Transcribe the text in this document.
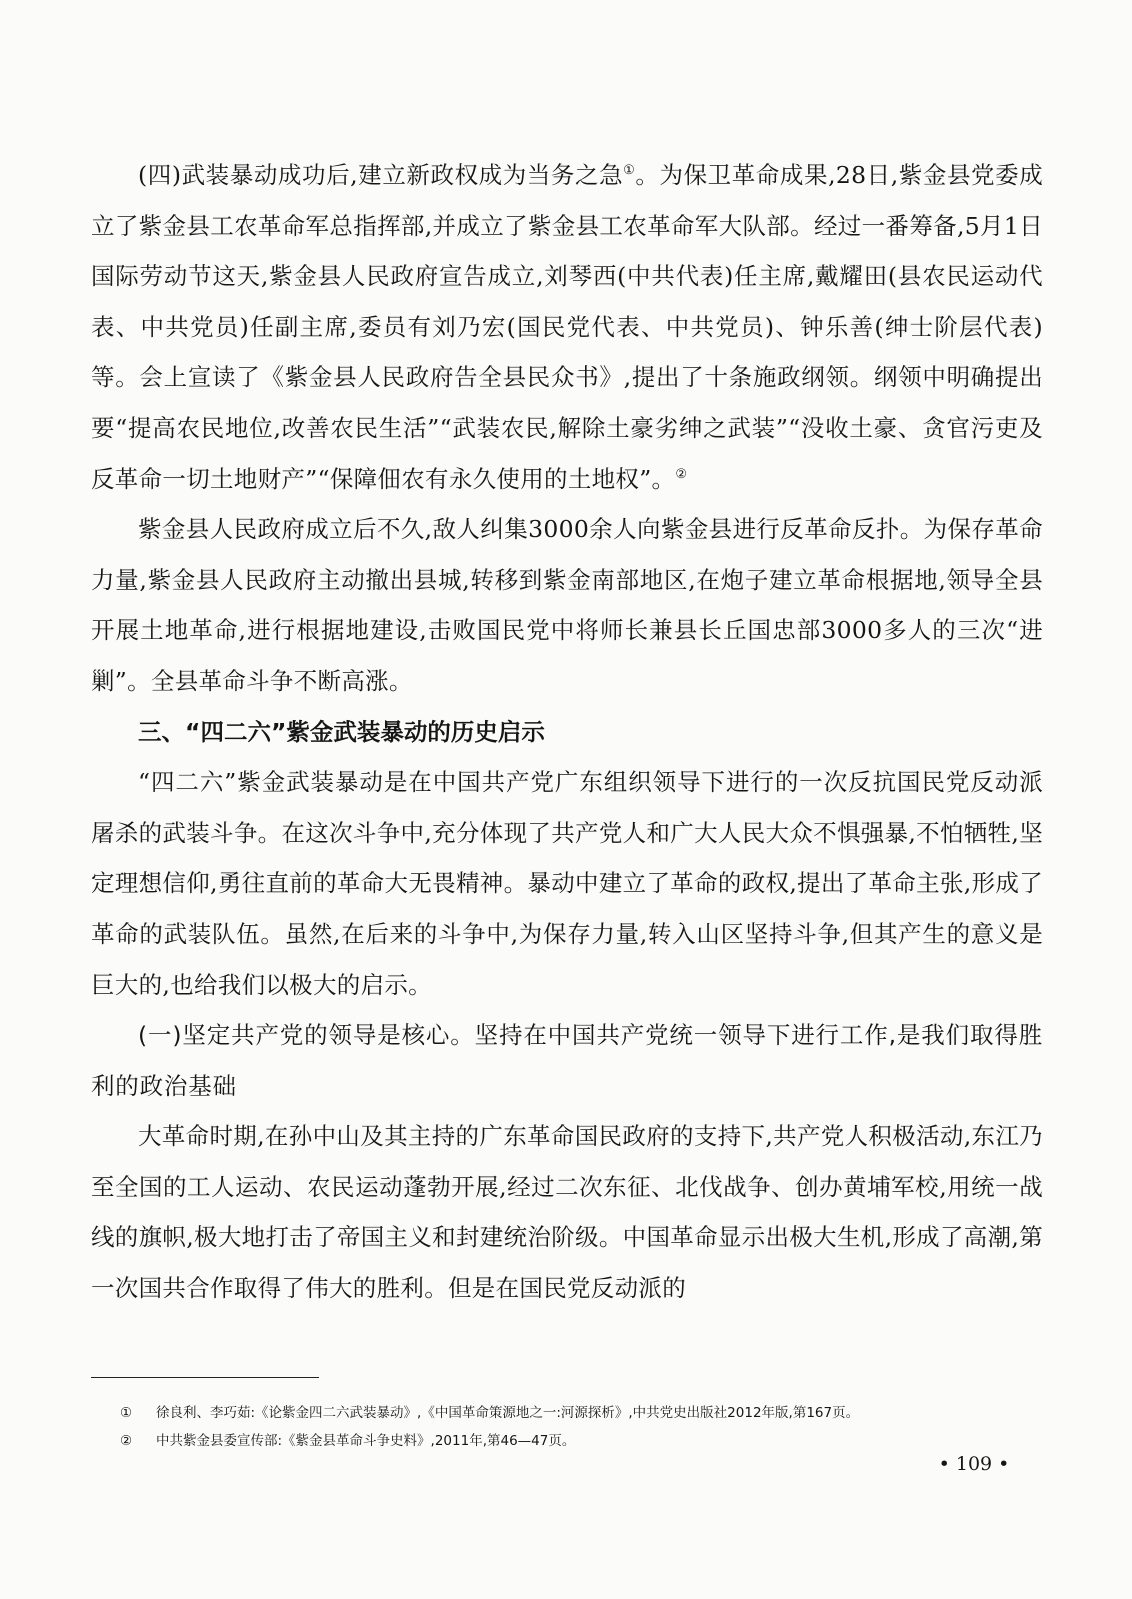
(四)武装暴动成功后,建立新政权成为当务之急①。为保卫革命成果,28日,紫金县党委成立了紫金县工农革命军总指挥部,并成立了紫金县工农革命军大队部。经过一番筹备,5月1日国际劳动节这天,紫金县人民政府宣告成立,刘琴西(中共代表)任主席,戴耀田(县农民运动代表、中共党员)任副主席,委员有刘乃宏(国民党代表、中共党员)、钟乐善(绅士阶层代表)等。会上宣读了《紫金县人民政府告全县民众书》,提出了十条施政纲领。纲领中明确提出要“提高农民地位,改善农民生活”“武装农民,解除土豪劣绅之武装”“没收土豪、贪官污吏及反革命一切土地财产”“保障佃农有永久使用的土地权”。②

紫金县人民政府成立后不久,敌人纠集3000余人向紫金县进行反革命反扑。为保存革命力量,紫金县人民政府主动撤出县城,转移到紫金南部地区,在炮子建立革命根据地,领导全县开展土地革命,进行根据地建设,击败国民党中将师长兼县长丘国忠部3000多人的三次“进剿”。全县革命斗争不断高涨。

三、“四二六”紫金武装暴动的历史启示

“四二六”紫金武装暴动是在中国共产党广东组织领导下进行的一次反抗国民党反动派屠杀的武装斗争。在这次斗争中,充分体现了共产党人和广大人民大众不惧强暴,不怕牺牲,坚定理想信仰,勇往直前的革命大无畏精神。暴动中建立了革命的政权,提出了革命主张,形成了革命的武装队伍。虽然,在后来的斗争中,为保存力量,转入山区坚持斗争,但其产生的意义是巨大的,也给我们以极大的启示。

(一)坚定共产党的领导是核心。坚持在中国共产党统一领导下进行工作,是我们取得胜利的政治基础

大革命时期,在孙中山及其主持的广东革命国民政府的支持下,共产党人积极活动,东江乃至全国的工人运动、农民运动蓬勃开展,经过二次东征、北伐战争、创办黄埔军校,用统一战线的旗帜,极大地打击了帝国主义和封建统治阶级。中国革命显示出极大生机,形成了高潮,第一次国共合作取得了伟大的胜利。但是在国民党反动派的

① 徐良利、李巧茹:《论紫金四二六武装暴动》,《中国革命策源地之一:河源探析》,中共党史出版社2012年版,第167页。
② 中共紫金县委宣传部:《紫金县革命斗争史料》,2011年,第46—47页。
• 109 •
